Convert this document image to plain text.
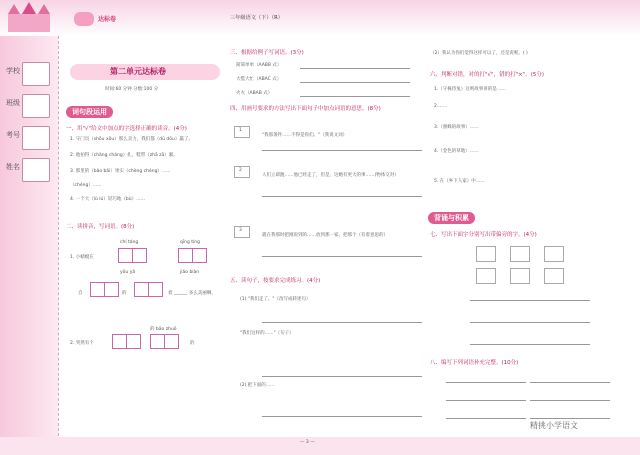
达标卷	三年级语文（下）（R）
学校
班级
考号
姓名
第二单元达标卷
时间:60 分钟 分数:100 分
词句段运用
一、用"√"给文中加点的字选择正确的读音。(4分)
1. 守门员（shǒu xǒu）那么卖力，我们都（dū dōu）赢了。
2. 他拍得（chǎng cháng）扎，鞋带（zhā zā）紧。
3. 那里的（bǎo bǎi）果实（chèng chéng）......
（chéng）……
4. 一个大（lǔ lú）轻巧地（bù）……
二、读拼音，写词语。(8分)
chí táng	qīng tíng
1. 小蜻蜓在
yōu yǎ	jiǎo biàn
自	的	着 ______ 多么美丽啊。
2. 突然有个
的 bāo zhuō
的
三、根据给例子写词语。(3分)
简简单单（AABB 式）
大慌大忙（ABAC 式）
火火（ABAB 式）
四、用画号要求的方法写出下面句子中加点词语的意思。(8分)
1
"我那条件……不得是你们。"（我说文词）
2
人们立即跑……他已经走了，但是，这她有更大的事……(物体交对）
3
就在我那时把刚说到的……放到那一家，把那个（有着意思的）
五、读句子，按要求完成练习。(4分)
(1) "我们走了。"（改写成转述句）
"我们这样的……"（句子）
(2) 把下面的……
（2）我认为你们觉得这样可以了，还是说呢。( )
六、判断对错，对的打"√"，错的打"×"。(5分)
1.（守株待兔）这则故事讲的是……
2.……
3.（蜜蜂的故事）……
4.（金色的草地）……
5. 在（乡下人家）中……
背诵与积累
七、写出下面字分别写出带偏旁的字。(4分)
八、编写下列词语补充完整。(10分)
精挑小学语文
— 3 —
